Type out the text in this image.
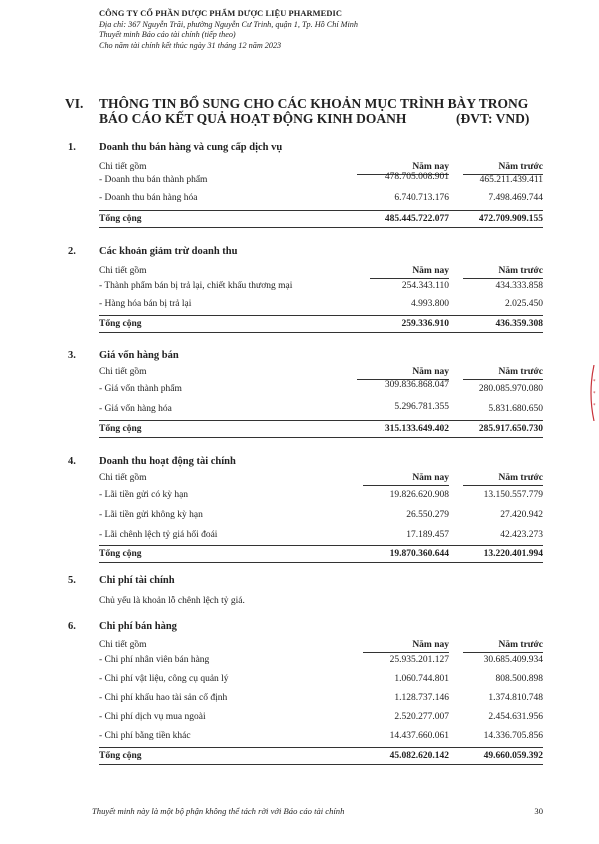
CÔNG TY CỔ PHẦN DƯỢC PHẨM DƯỢC LIỆU PHARMEDIC
Địa chỉ: 367 Nguyễn Trãi, phường Nguyễn Cư Trinh, quận 1, Tp. Hồ Chí Minh
Thuyết minh Báo cáo tài chính (tiếp theo)
Cho năm tài chính kết thúc ngày 31 tháng 12 năm 2023
VI. THÔNG TIN BỔ SUNG CHO CÁC KHOẢN MỤC TRÌNH BÀY TRONG
BÁO CÁO KẾT QUẢ HOẠT ĐỘNG KINH DOANH	(ĐVT: VND)
1. Doanh thu bán hàng và cung cấp dịch vụ
Chi tiết gồm	Năm nay	Năm trước
- Doanh thu bán thành phẩm	478.705.008.901	465.211.439.411
- Doanh thu bán hàng hóa	6.740.713.176	7.498.469.744
Tổng cộng	485.445.722.077	472.709.909.155
2. Các khoản giảm trừ doanh thu
Chi tiết gồm	Năm nay	Năm trước
- Thành phẩm bán bị trả lại, chiết khấu thương mại	254.343.110	434.333.858
- Hàng hóa bán bị trả lại	4.993.800	2.025.450
Tổng cộng	259.336.910	436.359.308
3. Giá vốn hàng bán
Chi tiết gồm	Năm nay	Năm trước
- Giá vốn thành phẩm	309.836.868.047	280.085.970.080
- Giá vốn hàng hóa	5.296.781.355	5.831.680.650
Tổng cộng	315.133.649.402	285.917.650.730
4. Doanh thu hoạt động tài chính
Chi tiết gồm	Năm nay	Năm trước
- Lãi tiền gửi có kỳ hạn	19.826.620.908	13.150.557.779
- Lãi tiền gửi không kỳ hạn	26.550.279	27.420.942
- Lãi chênh lệch tỷ giá hối đoái	17.189.457	42.423.273
Tổng cộng	19.870.360.644	13.220.401.994
5. Chi phí tài chính
Chủ yếu là khoản lỗ chênh lệch tỷ giá.
6. Chi phí bán hàng
Chi tiết gồm	Năm nay	Năm trước
- Chi phí nhân viên bán hàng	25.935.201.127	30.685.409.934
- Chi phí vật liệu, công cụ quản lý	1.060.744.801	808.500.898
- Chi phí khấu hao tài sản cố định	1.128.737.146	1.374.810.748
- Chi phí dịch vụ mua ngoài	2.520.277.007	2.454.631.956
- Chi phí bằng tiền khác	14.437.660.061	14.336.705.856
Tổng cộng	45.082.620.142	49.660.059.392
*
*
*
Thuyết minh này là một bộ phận không thể tách rời với Báo cáo tài chính	30
